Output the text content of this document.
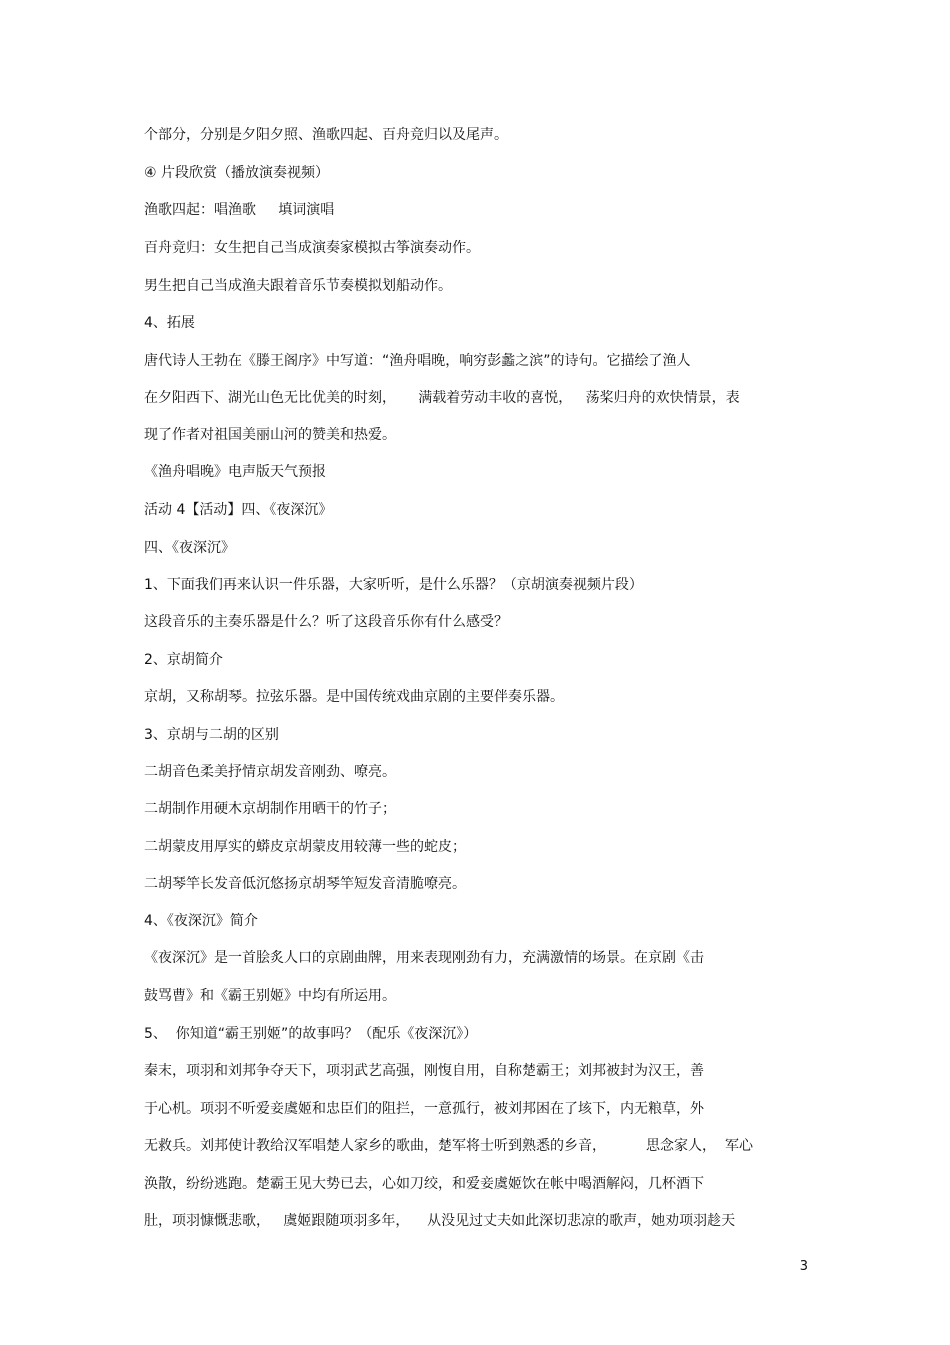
个部分，分别是夕阳夕照、渔歌四起、百舟竞归以及尾声。

④ 片段欣赏（播放演奏视频）

渔歌四起：唱渔歌     填词演唱

百舟竞归：女生把自己当成演奏家模拟古筝演奏动作。

男生把自己当成渔夫跟着音乐节奏模拟划船动作。

4、拓展

唐代诗人王勃在《滕王阁序》中写道：“渔舟唱晚，响穷彭蠡之滨”的诗句。它描绘了渔人

在夕阳西下、湖光山色无比优美的时刻，     满载着劳动丰收的喜悦，   荡桨归舟的欢快情景，表

现了作者对祖国美丽山河的赞美和热爱。

《渔舟唱晚》电声版天气预报

活动 4【活动】四、《夜深沉》

四、《夜深沉》

1、下面我们再来认识一件乐器，大家听听，是什么乐器？（京胡演奏视频片段）

这段音乐的主奏乐器是什么？听了这段音乐你有什么感受？

2、京胡简介

京胡，又称胡琴。拉弦乐器。是中国传统戏曲京剧的主要伴奏乐器。

3、京胡与二胡的区别

二胡音色柔美抒情京胡发音刚劲、嘹亮。

二胡制作用硬木京胡制作用晒干的竹子；

二胡蒙皮用厚实的蟒皮京胡蒙皮用较薄一些的蛇皮；

二胡琴竿长发音低沉悠扬京胡琴竿短发音清脆嘹亮。

4、《夜深沉》简介

《夜深沉》是一首脍炙人口的京剧曲牌，用来表现刚劲有力，充满激情的场景。在京剧《击

鼓骂曹》和《霸王别姬》中均有所运用。

5、  你知道“霸王别姬”的故事吗？（配乐《夜深沉》）

秦末，项羽和刘邦争夺天下，项羽武艺高强，刚愎自用，自称楚霸王；刘邦被封为汉王，善

于心机。项羽不听爱妾虞姬和忠臣们的阻拦，一意孤行，被刘邦困在了垓下，内无粮草，外

无救兵。刘邦使计教给汉军唱楚人家乡的歌曲，楚军将士听到熟悉的乡音，         思念家人，  军心

涣散，纷纷逃跑。楚霸王见大势已去，心如刀绞，和爱妾虞姬饮在帐中喝酒解闷，几杯酒下

肚，项羽慷慨悲歌，   虞姬跟随项羽多年，    从没见过丈夫如此深切悲凉的歌声，她劝项羽趁天

3
